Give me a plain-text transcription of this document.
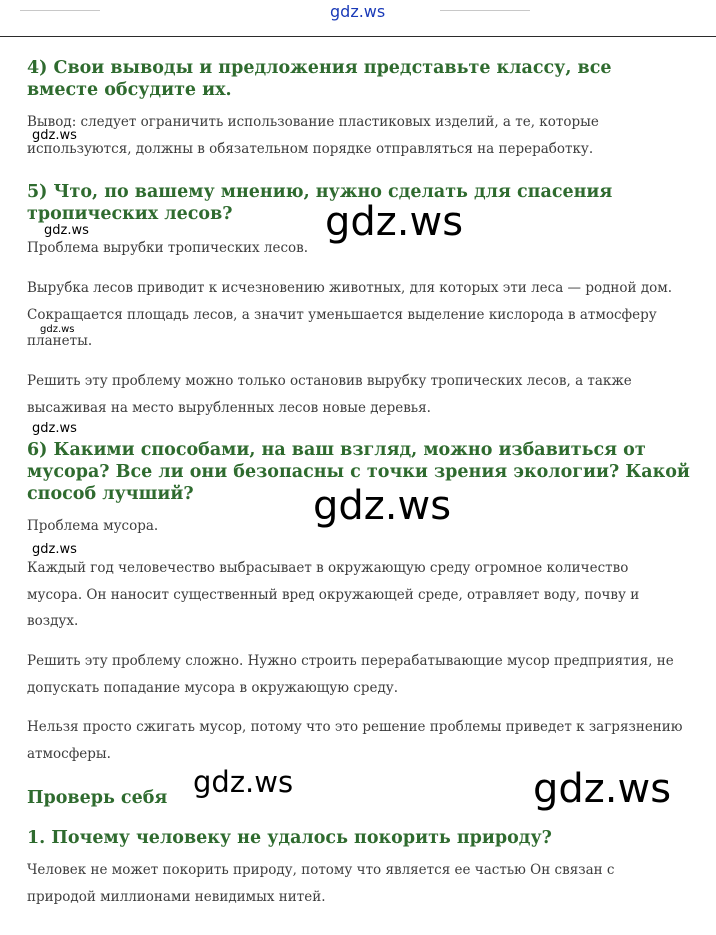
gdz.ws
4) Свои выводы и предложения представьте классу, все вместе обсудите их.

Вывод: следует ограничить использование пластиковых изделий, а те, которые используются, должны в обязательном порядке отправляться на переработку.

5) Что, по вашему мнению, нужно сделать для спасения тропических лесов?

Проблема вырубки тропических лесов.

Вырубка лесов приводит к исчезновению животных, для которых эти леса — родной дом. Сокращается площадь лесов, а значит уменьшается выделение кислорода в атмосферу планеты.

Решить эту проблему можно только остановив вырубку тропических лесов, а также высаживая на место вырубленных лесов новые деревья.

6) Какими способами, на ваш взгляд, можно избавиться от мусора? Все ли они безопасны с точки зрения экологии? Какой способ лучший?

Проблема мусора.

Каждый год человечество выбрасывает в окружающую среду огромное количество мусора. Он наносит существенный вред окружающей среде, отравляет воду, почву и воздух.

Решить эту проблему сложно. Нужно строить перерабатывающие мусор предприятия, не допускать попадание мусора в окружающую среду.

Нельзя просто сжигать мусор, потому что это решение проблемы приведет к загрязнению атмосферы.

Проверь себя
1. Почему человеку не удалось покорить природу?

Человек не может покорить природу, потому что является ее частью Он связан с природой миллионами невидимых нитей.

gdz.ws
gdz.ws
gdz.ws
gdz.ws
gdz.ws
gdz.ws
gdz.ws
gdz.ws	gdz.ws
